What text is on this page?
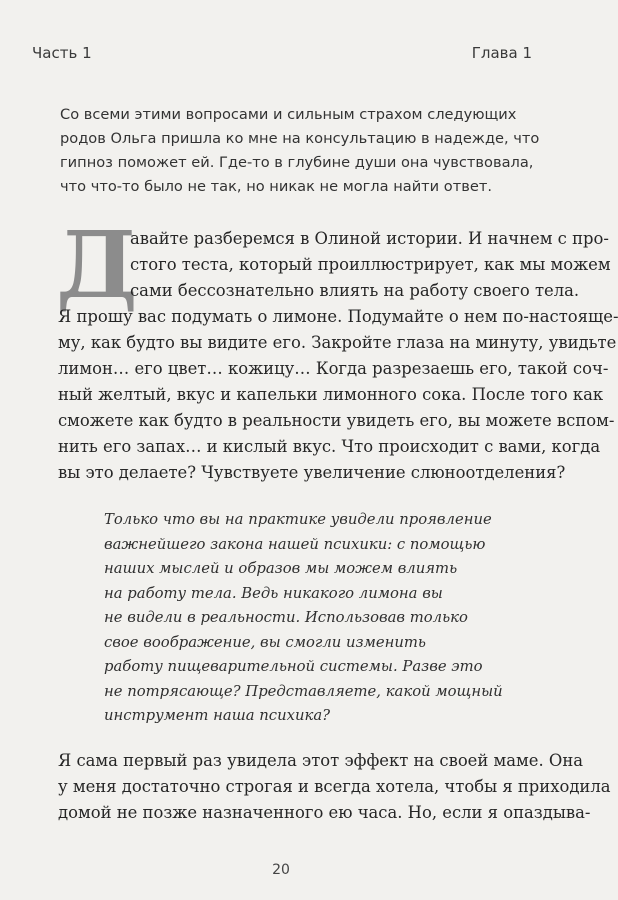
Часть 1	Глава 1
Со всеми этими вопросами и сильным страхом следующих
родов Ольга пришла ко мне на консультацию в надежде, что
гипноз поможет ей. Где-то в глубине души она чувствовала,
что что-то было не так, но никак не могла найти ответ.
Д
авайте разберемся в Олиной истории. И начнем с про-
стого теста, который проиллюстрирует, как мы можем
сами бессознательно влиять на работу своего тела.
Я прошу вас подумать о лимоне. Подумайте о нем по-настояще-
му, как будто вы видите его. Закройте глаза на минуту, увидьте
лимон… его цвет… кожицу… Когда разрезаешь его, такой соч-
ный желтый, вкус и капельки лимонного сока. После того как
сможете как будто в реальности увидеть его, вы можете вспом-
нить его запах… и кислый вкус. Что происходит с вами, когда
вы это делаете? Чувствуете увеличение слюноотделения?
Только что вы на практике увидели проявление
важнейшего закона нашей психики: с помощью
наших мыслей и образов мы можем влиять
на работу тела. Ведь никакого лимона вы
не видели в реальности. Использовав только
свое воображение, вы смогли изменить
работу пищеварительной системы. Разве это
не потрясающе? Представляете, какой мощный
инструмент наша психика?
Я сама первый раз увидела этот эффект на своей маме. Она
у меня достаточно строгая и всегда хотела, чтобы я приходила
домой не позже назначенного ею часа. Но, если я опаздыва-
20
